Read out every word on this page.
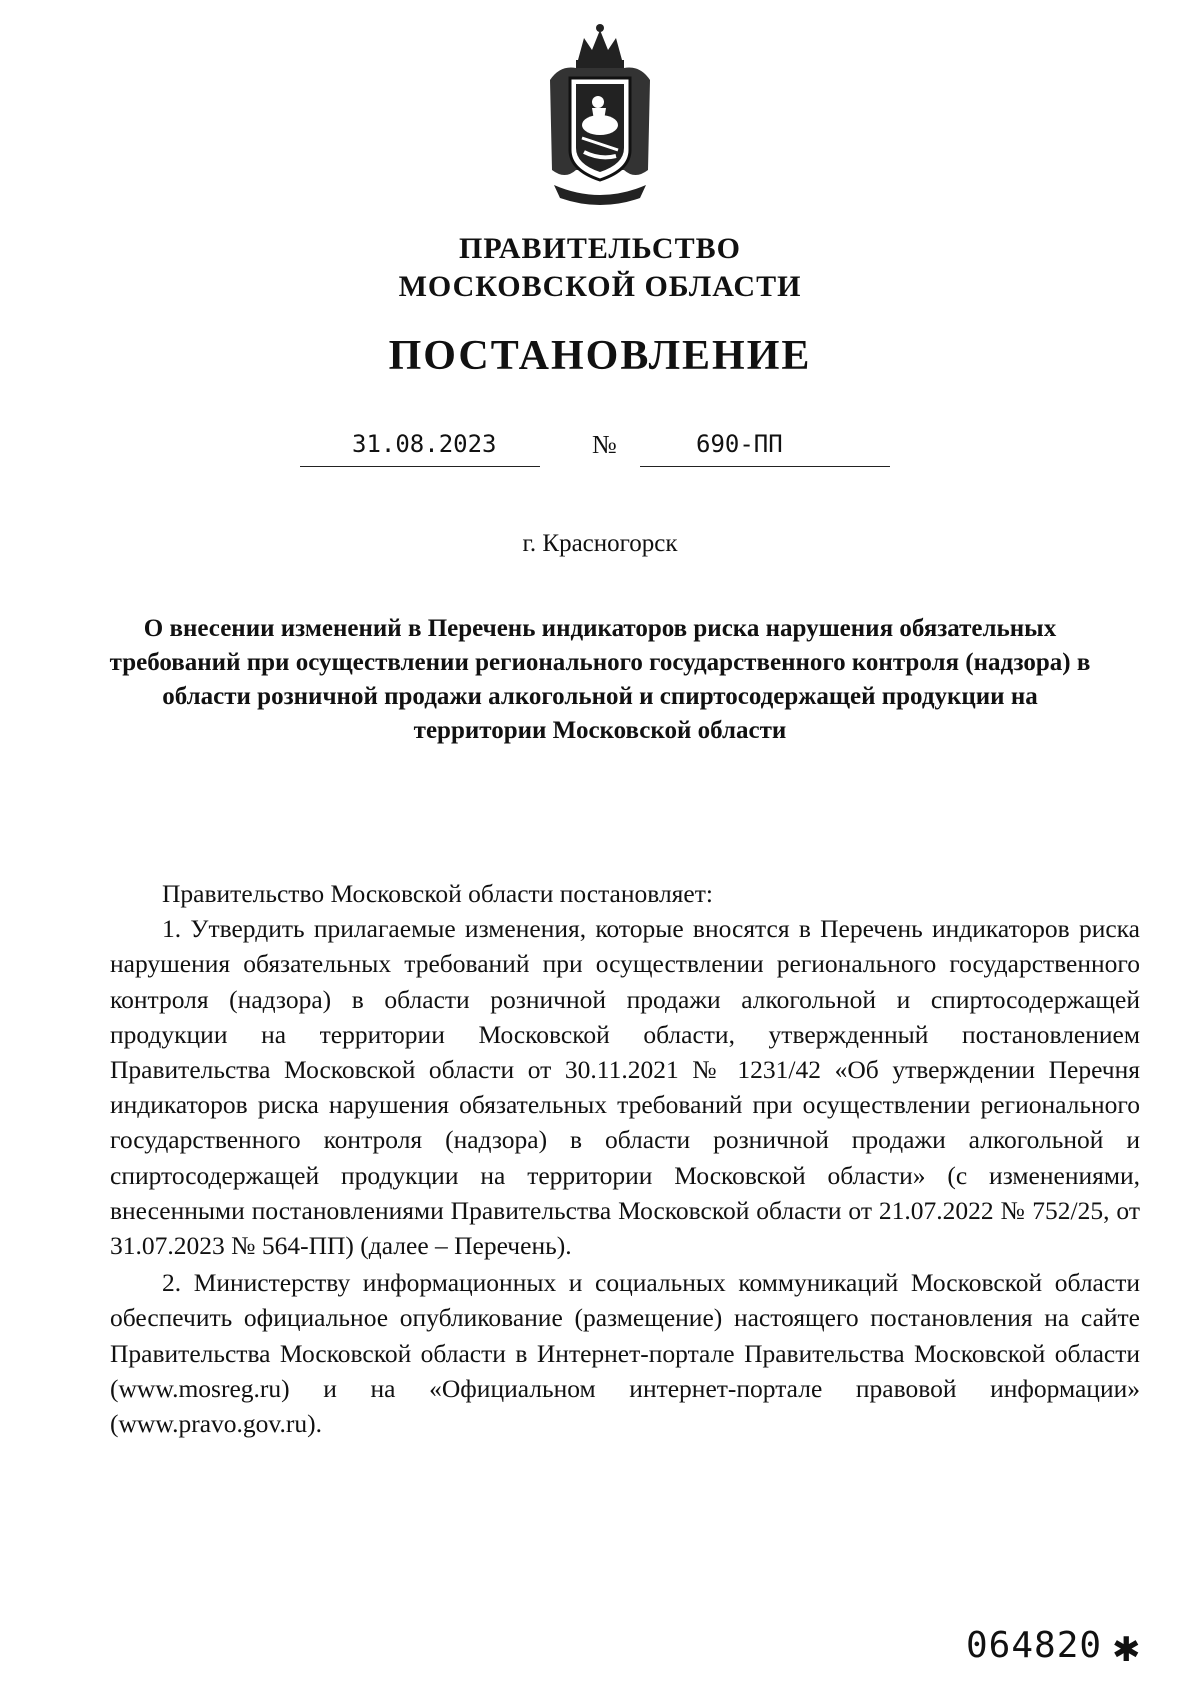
ПРАВИТЕЛЬСТВО
МОСКОВСКОЙ ОБЛАСТИ
ПОСТАНОВЛЕНИЕ
31.08.2023	№	690-ПП
г. Красногорск
О внесении изменений в Перечень индикаторов риска нарушения обязательных требований при осуществлении регионального государственного контроля (надзора) в области розничной продажи алкогольной и спиртосодержащей продукции на территории Московской области

Правительство Московской области постановляет:

1. Утвердить прилагаемые изменения, которые вносятся в Перечень индикаторов риска нарушения обязательных требований при осуществлении регионального государственного контроля (надзора) в области розничной продажи алкогольной и спиртосодержащей продукции на территории Московской области, утвержденный постановлением Правительства Московской области от 30.11.2021 № 1231/42 «Об утверждении Перечня индикаторов риска нарушения обязательных требований при осуществлении регионального государственного контроля (надзора) в области розничной продажи алкогольной и спиртосодержащей продукции на территории Московской области» (с изменениями, внесенными постановлениями Правительства Московской области от 21.07.2022 № 752/25, от 31.07.2023 № 564-ПП) (далее – Перечень).

2. Министерству информационных и социальных коммуникаций Московской области обеспечить официальное опубликование (размещение) настоящего постановления на сайте Правительства Московской области в Интернет-портале Правительства Московской области (www.mosreg.ru) и на «Официальном интернет-портале правовой информации» (www.pravo.gov.ru).

064820 ✱
